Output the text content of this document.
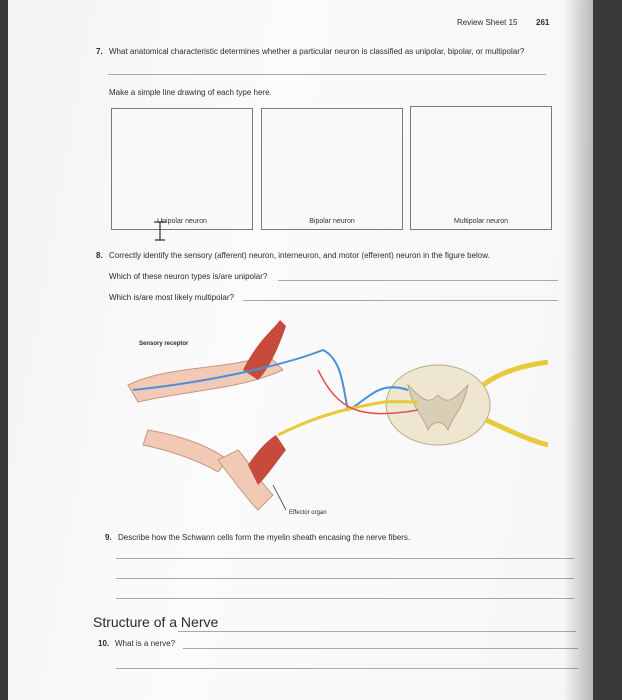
Review Sheet 15 261
7. What anatomical characteristic determines whether a particular neuron is classified as unipolar, bipolar, or multipolar?
Make a simple line drawing of each type here.
Unipolar neuron	Bipolar neuron	Multipolar neuron
8. Correctly identify the sensory (afferent) neuron, interneuron, and motor (efferent) neuron in the figure below.
Which of these neuron types is/are unipolar?
Which is/are most likely multipolar?
Sensory receptor
Effector organ
9. Describe how the Schwann cells form the myelin sheath encasing the nerve fibers.
Structure of a Nerve
10. What is a nerve?
